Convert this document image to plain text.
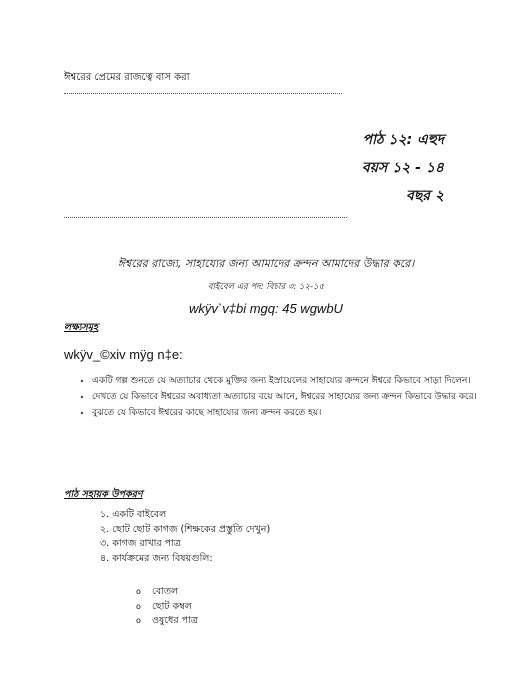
ঈশ্বরের প্রেমের রাজত্বে বাস করা
পাঠ ১২: এহুদ
বয়স ১২ - ১৪
বছর ২
ঈশ্বরের রাজ্যে, সাহায্যের জন্য আমাদের ক্রন্দন আমাদের উদ্ধার করে।
বাইবেল এর পদ: বিচার ৩: ১২-১৫
wkÿv`v‡bi mgq: 45 wgwbU
লক্ষ্যসমূহ
wkÿv_©xiv mÿg n‡e:
• একটি গল্প শুনতে যে অত্যাচার থেকে মুক্তির জন্য ইস্রায়েলের সাহায্যের ক্রন্দনে ঈশ্বরে কিভাবে সাড়া দিলেন।
• দেখতে যে কিভাবে ঈশ্বরের অবাধ্যতা অত্যাচার বয়ে আনে, ঈশ্বরের সাহায্যের জন্য ক্রন্দন কিভাবে উদ্ধার করে।
• বুঝতে যে কিভাবে ঈশ্বরের কাছে সাহায্যের জন্য ক্রন্দন করতে হয়।
পাঠ সহায়ক উপকরণ
১. একটি বাইবেল
২. ছোট ছোট কাগজ (শিক্ষকের প্রস্তুতি দেখুন)
৩. কাগজ রাখার পাত্র
৪. কার্যক্রমের জন্য বিষয়গুলি:
o বোতল
o ছোট কম্বল
o ওষুধের পাত্র
